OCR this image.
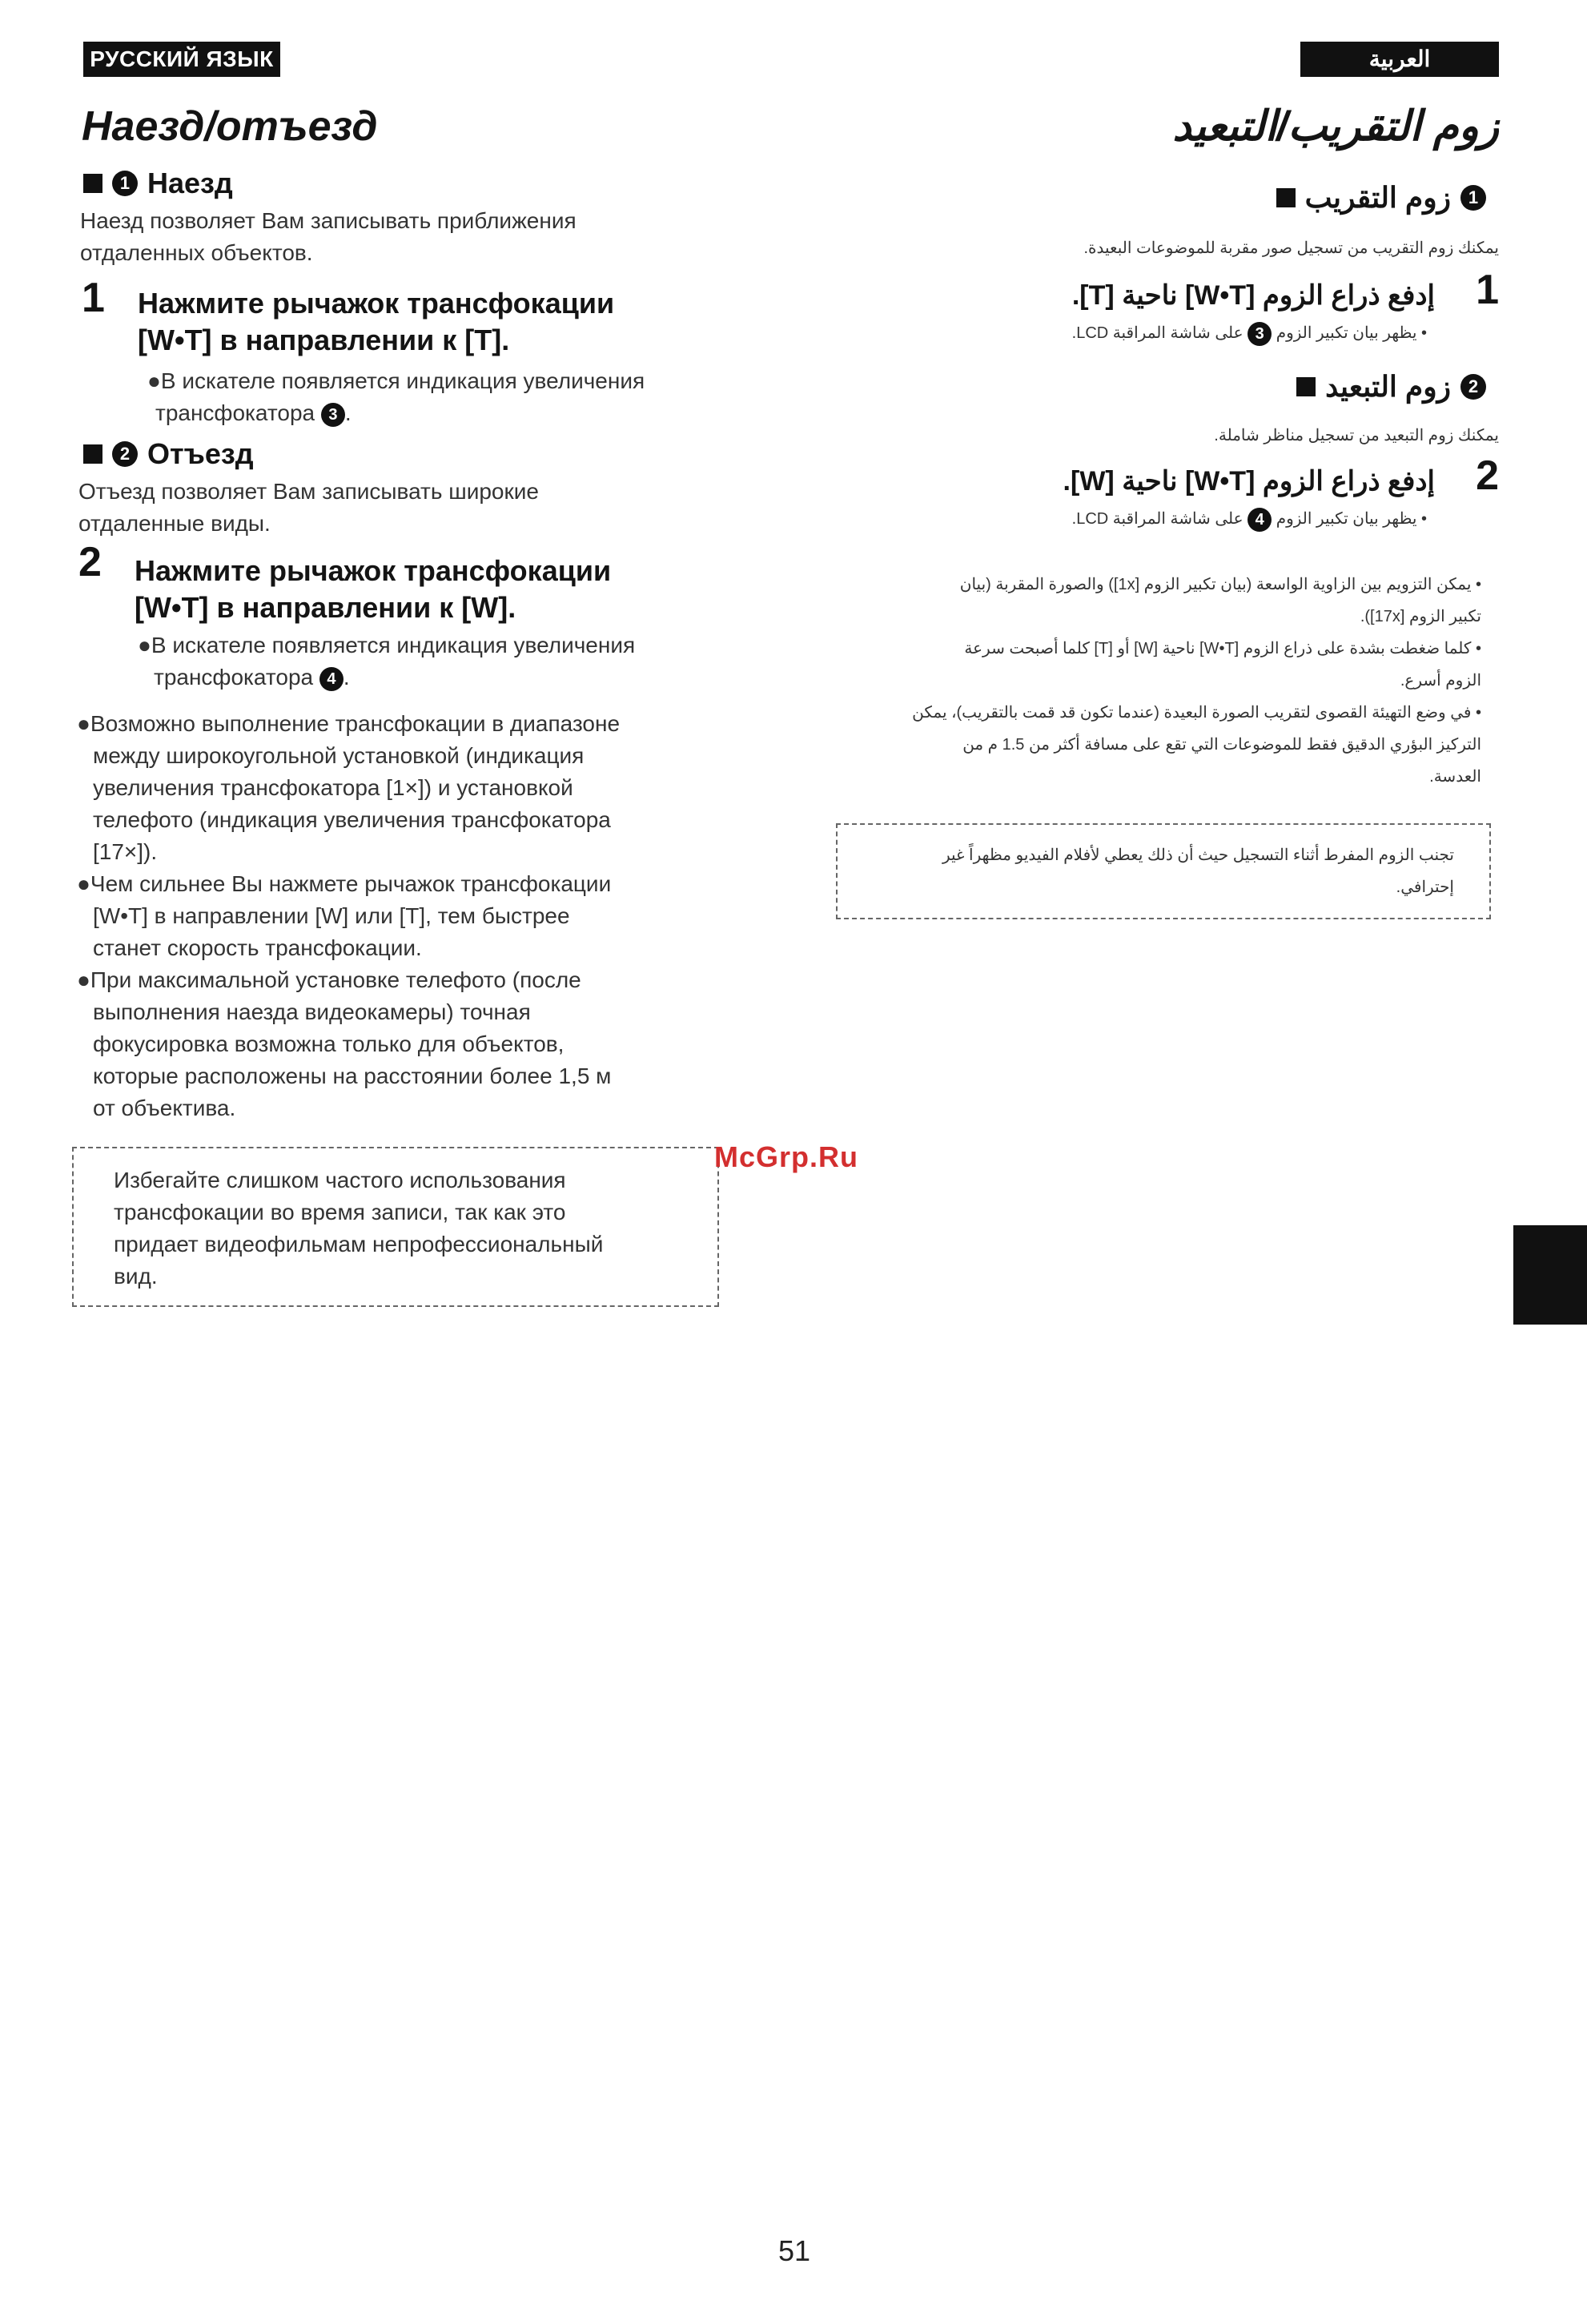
РУССКИЙ ЯЗЫК	العربية
Наезд/отъезд
1 Наезд
Наезд позволяет Вам записывать приближения
отдаленных объектов.
1 Нажмите рычажок трансфокации
[W•T] в направлении к [T].
●В искателе появляется индикация увеличения
трансфокатора 3 .
2 Отъезд
Отъезд позволяет Вам записывать широкие
отдаленные виды.
2 Нажмите рычажок трансфокации
[W•T] в направлении к [W].
●В искателе появляется индикация увеличения
трансфокатора 4 .
●Возможно выполнение трансфокации в диапазоне
между широкоугольной установкой (индикация
увеличения трансфокатора [1×]) и установкой
телефото (индикация увеличения трансфокатора
[17×]).
●Чем сильнее Вы нажмете рычажок трансфокации
[W•T] в направлении [W] или [T], тем быстрее
станет скорость трансфокации.
●При максимальной установке телефото (после
выполнения наезда видеокамеры) точная
фокусировка возможна только для объектов,
которые расположены на расстоянии более 1,5 м
от объектива.
Избегайте слишком частого использования
трансфокации во время записи, так как это
придает видеофильмам непрофессиональный
вид.
زوم التقريب/التبعيد
زوم التقريب 1
يمكنك زوم التقريب من تسجيل صور مقربة للموضوعات البعيدة.
1
إدفع ذراع الزوم [W•T] ناحية [T].
• يظهر بيان تكبير الزوم 3 على شاشة المراقبة LCD.
زوم التبعيد 2
يمكنك زوم التبعيد من تسجيل مناظر شاملة.
2
إدفع ذراع الزوم [W•T] ناحية [W].
• يظهر بيان تكبير الزوم 4 على شاشة المراقبة LCD.
• يمكن التزويم بين الزاوية الواسعة (بيان تكبير الزوم [1x]) والصورة المقربة (بيان
تكبير الزوم [17x]).
• كلما ضغطت بشدة على ذراع الزوم [W•T] ناحية [W] أو [T] كلما أصبحت سرعة
الزوم أسرع.
• في وضع التهيئة القصوى لتقريب الصورة البعيدة (عندما تكون قد قمت بالتقريب)، يمكن
التركيز البؤري الدقيق فقط للموضوعات التي تقع على مسافة أكثر من 1.5 م من
العدسة.
تجنب الزوم المفرط أثناء التسجيل حيث أن ذلك يعطي لأفلام الفيديو مظهراً غير
إحترافي.
McGrp.Ru
51
